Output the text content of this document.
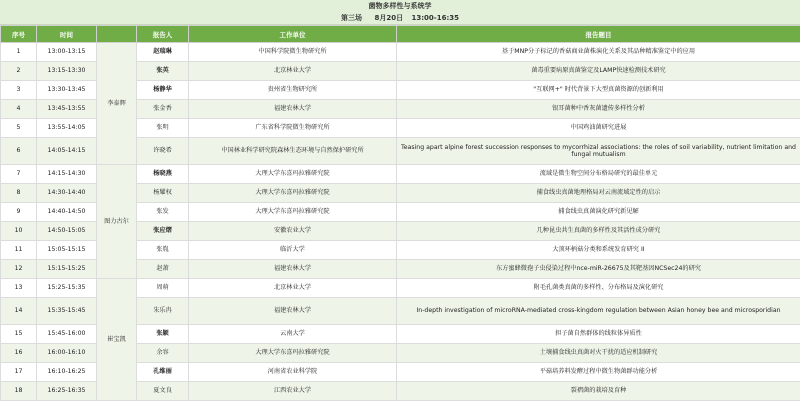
菌物多样性与系统学
第三场 8月20日 13:00-16:35
序号	时间		报告人	工作单位	报告题目
1	13:00-13:15	李泰辉	赵瑞琳	中国科学院微生物研究所	基于MNP分子标记的香菇商业菌株演化关系及其品种精准鉴定中的应用
2	13:15-13:30		张英	北京林业大学	菌毒重要病原真菌鉴定及LAMP快速检测技术研究
3	13:30-13:45		杨静华	贵州省生物研究所	"互联网+" 时代背景下大型真菌资源的创新利用
4	13:45-13:55		张金香	福建农林大学	银耳菌种中香灰菌遗传多样性分析
5	13:55-14:05		张明	广东省科学院微生物研究所	中国鸡油菌研究进展
6	14:05-14:15		许晓希	中国林业科学研究院森林生态环境与自然保护研究所	Teasing apart alpine forest succession responses to mycorrhizal associations: the roles of soil variability, nutrient limitation and fungal mutualism
7	14:15-14:30	图力古尔	杨晓燕	大理大学东喜玛拉雅研究院	流域是微生物空间分布格局研究的最佳单元
8	14:30-14:40		杨耀权	大理大学东喜玛拉雅研究院	捕食线虫真菌地理格局对云南流域定性的启示
9	14:40-14:50		张发	大理大学东喜玛拉雅研究院	捕食线虫真菌演化研究新见解
10	14:50-15:05		张应熠	安徽农业大学	几种昆虫共生真菌的多样性及其活性成分研究
11	15:05-15:15		张胤	临沂大学	大顶环柄菇分类和系统发育研究 II
12	15:15-15:25		赵萧	福建农林大学	东方蜜蜂微孢子虫侵染过程中nce-miR-26675及其靶基因NCSec24的研究
13	15:25-15:35	崔宝凯	周萌	北京林业大学	附毛孔菌类真菌的多样性、分布格局及演化研究
14	15:35-15:45		朱乐冉	福建农林大学	In-depth investigation of microRNA-mediated cross-kingdom regulation between Asian honey bee and microsporidian
15	15:45-16:00		张颖	云南大学	担子菌自然群体的线粒体异质性
16	16:00-16:10		余容	大理大学东喜玛拉雅研究院	土壤捕食线虫真菌对火干扰的适应机制研究
17	16:10-16:25		孔维丽	河南省农业科学院	平菇培养料发酵过程中微生物菌群功能分析
18	16:25-16:35		夏文良	江西农业大学	裂褶菌的栽培及育种
